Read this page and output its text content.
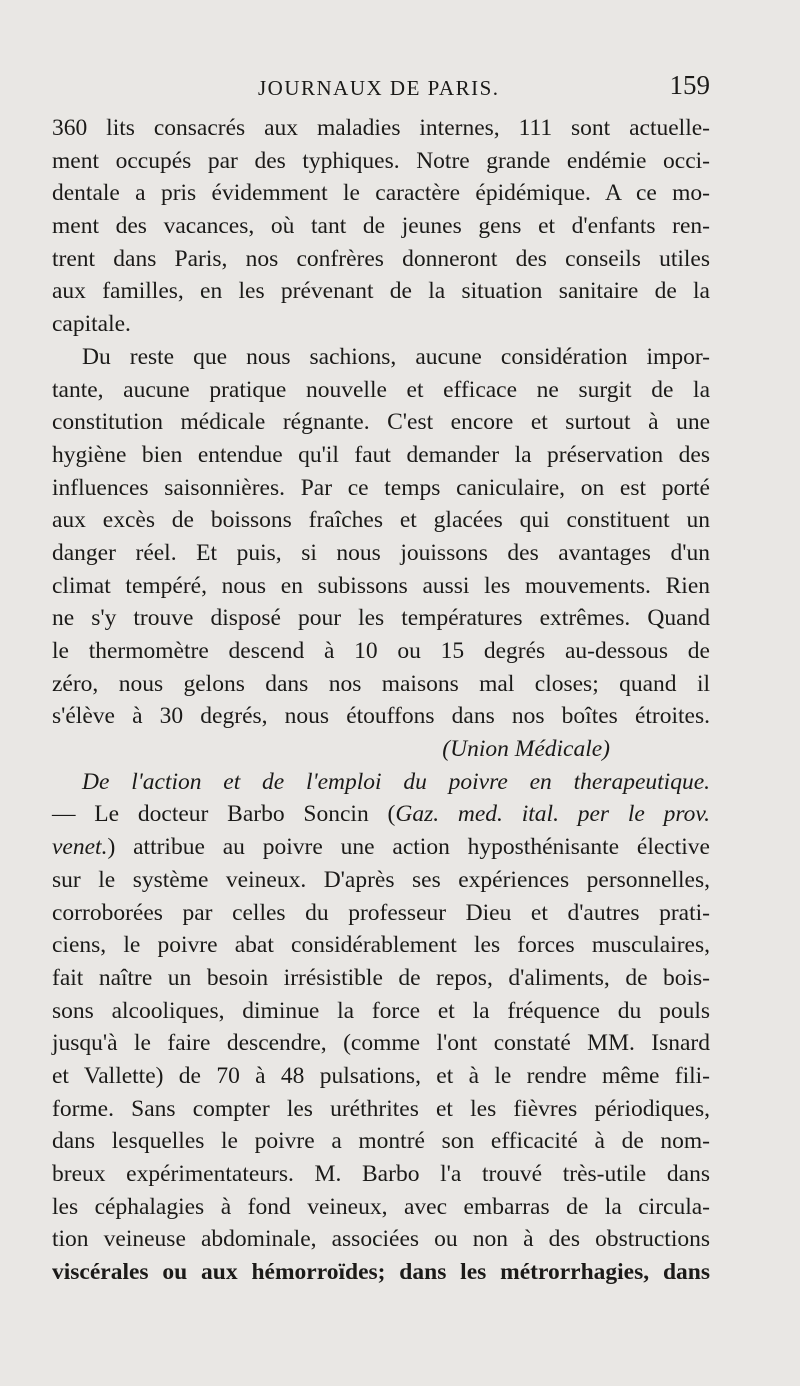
JOURNAUX DE PARIS.	159
360 lits consacrés aux maladies internes, 111 sont actuelle-
ment occupés par des typhiques. Notre grande endémie occi-
dentale a pris évidemment le caractère épidémique. A ce mo-
ment des vacances, où tant de jeunes gens et d'enfants ren-
trent dans Paris, nos confrères donneront des conseils utiles
aux familles, en les prévenant de la situation sanitaire de la
capitale.
Du reste que nous sachions, aucune considération impor-
tante, aucune pratique nouvelle et efficace ne surgit de la
constitution médicale régnante. C'est encore et surtout à une
hygiène bien entendue qu'il faut demander la préservation des
influences saisonnières. Par ce temps caniculaire, on est porté
aux excès de boissons fraîches et glacées qui constituent un
danger réel. Et puis, si nous jouissons des avantages d'un
climat tempéré, nous en subissons aussi les mouvements. Rien
ne s'y trouve disposé pour les températures extrêmes. Quand
le thermomètre descend à 10 ou 15 degrés au-dessous de
zéro, nous gelons dans nos maisons mal closes; quand il
s'élève à 30 degrés, nous étouffons dans nos boîtes étroites.
(Union Médicale)
De l'action et de l'emploi du poivre en therapeutique.
— Le docteur Barbo Soncin (Gaz. med. ital. per le prov.
venet.) attribue au poivre une action hyposthénisante élective
sur le système veineux. D'après ses expériences personnelles,
corroborées par celles du professeur Dieu et d'autres prati-
ciens, le poivre abat considérablement les forces musculaires,
fait naître un besoin irrésistible de repos, d'aliments, de bois-
sons alcooliques, diminue la force et la fréquence du pouls
jusqu'à le faire descendre, (comme l'ont constaté MM. Isnard
et Vallette) de 70 à 48 pulsations, et à le rendre même fili-
forme. Sans compter les uréthrites et les fièvres périodiques,
dans lesquelles le poivre a montré son efficacité à de nom-
breux expérimentateurs. M. Barbo l'a trouvé très-utile dans
les céphalagies à fond veineux, avec embarras de la circula-
tion veineuse abdominale, associées ou non à des obstructions
viscérales ou aux hémorroïdes; dans les métrorrhagies, dans
